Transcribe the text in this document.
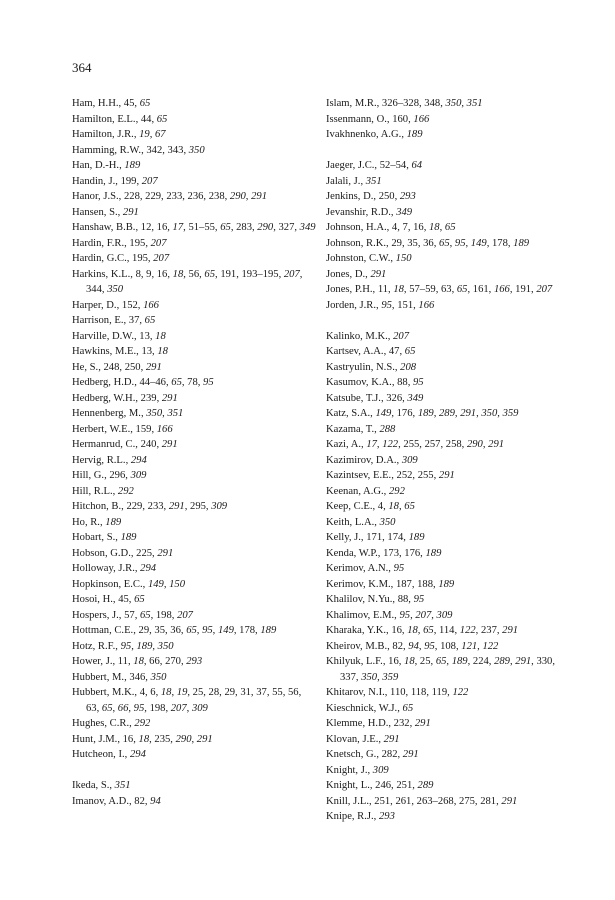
364

Ham, H.H., 45, 65

Hamilton, E.L., 44, 65

Hamilton, J.R., 19, 67

Hamming, R.W., 342, 343, 350

Han, D.-H., 189

Handin, J., 199, 207

Hanor, J.S., 228, 229, 233, 236, 238, 290, 291

Hansen, S., 291

Hanshaw, B.B., 12, 16, 17, 51–55, 65, 283, 290, 327, 349

Hardin, F.R., 195, 207

Hardin, G.C., 195, 207

Harkins, K.L., 8, 9, 16, 18, 56, 65, 191, 193–195, 207, 344, 350

Harper, D., 152, 166

Harrison, E., 37, 65

Harville, D.W., 13, 18

Hawkins, M.E., 13, 18

He, S., 248, 250, 291

Hedberg, H.D., 44–46, 65, 78, 95

Hedberg, W.H., 239, 291

Hennenberg, M., 350, 351

Herbert, W.E., 159, 166

Hermanrud, C., 240, 291

Hervig, R.L., 294

Hill, G., 296, 309

Hill, R.L., 292

Hitchon, B., 229, 233, 291, 295, 309

Ho, R., 189

Hobart, S., 189

Hobson, G.D., 225, 291

Holloway, J.R., 294

Hopkinson, E.C., 149, 150

Hosoi, H., 45, 65

Hospers, J., 57, 65, 198, 207

Hottman, C.E., 29, 35, 36, 65, 95, 149, 178, 189

Hotz, R.F., 95, 189, 350

Hower, J., 11, 18, 66, 270, 293

Hubbert, M., 346, 350

Hubbert, M.K., 4, 6, 18, 19, 25, 28, 29, 31, 37, 55, 56, 63, 65, 66, 95, 198, 207, 309

Hughes, C.R., 292

Hunt, J.M., 16, 18, 235, 290, 291

Hutcheon, I., 294

Ikeda, S., 351

Imanov, A.D., 82, 94

Islam, M.R., 326–328, 348, 350, 351

Issenmann, O., 160, 166

Ivakhnenko, A.G., 189

Jaeger, J.C., 52–54, 64

Jalali, J., 351

Jenkins, D., 250, 293

Jevanshir, R.D., 349

Johnson, H.A., 4, 7, 16, 18, 65

Johnson, R.K., 29, 35, 36, 65, 95, 149, 178, 189

Johnston, C.W., 150

Jones, D., 291

Jones, P.H., 11, 18, 57–59, 63, 65, 161, 166, 191, 207

Jorden, J.R., 95, 151, 166

Kalinko, M.K., 207

Kartsev, A.A., 47, 65

Kastryulin, N.S., 208

Kasumov, K.A., 88, 95

Katsube, T.J., 326, 349

Katz, S.A., 149, 176, 189, 289, 291, 350, 359

Kazama, T., 288

Kazi, A., 17, 122, 255, 257, 258, 290, 291

Kazimirov, D.A., 309

Kazintsev, E.E., 252, 255, 291

Keenan, A.G., 292

Keep, C.E., 4, 18, 65

Keith, L.A., 350

Kelly, J., 171, 174, 189

Kenda, W.P., 173, 176, 189

Kerimov, A.N., 95

Kerimov, K.M., 187, 188, 189

Khalilov, N.Yu., 88, 95

Khalimov, E.M., 95, 207, 309

Kharaka, Y.K., 16, 18, 65, 114, 122, 237, 291

Kheirov, M.B., 82, 94, 95, 108, 121, 122

Khilyuk, L.F., 16, 18, 25, 65, 189, 224, 289, 291, 330, 337, 350, 359

Khitarov, N.I., 110, 118, 119, 122

Kieschnick, W.J., 65

Klemme, H.D., 232, 291

Klovan, J.E., 291

Knetsch, G., 282, 291

Knight, J., 309

Knight, L., 246, 251, 289

Knill, J.L., 251, 261, 263–268, 275, 281, 291

Knipe, R.J., 293
